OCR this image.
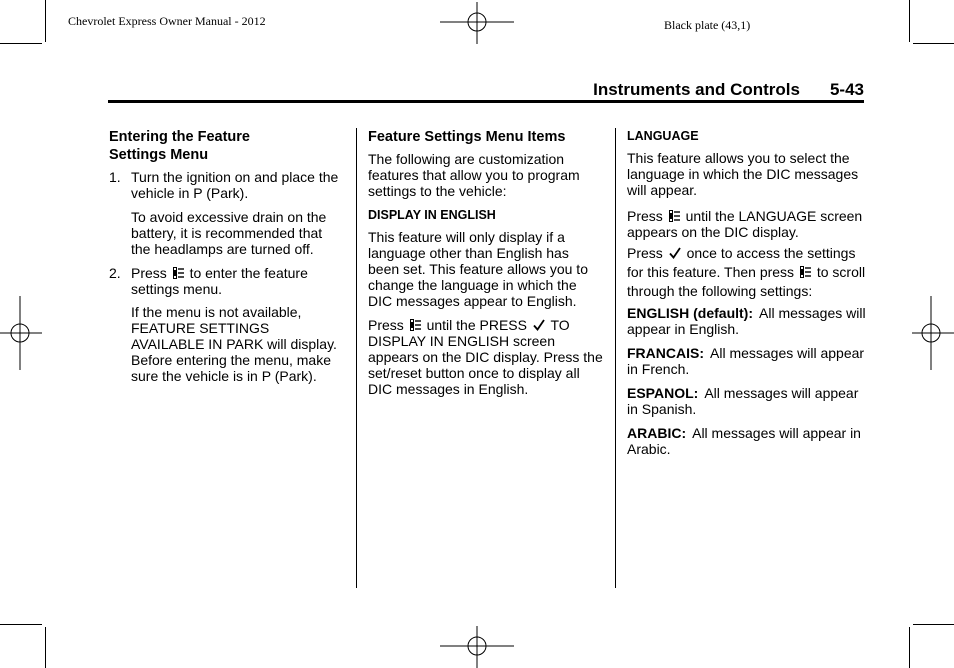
Chevrolet Express Owner Manual - 2012	Black plate (43,1)
Instruments and Controls 5-43
Entering the Feature
Settings Menu
1. Turn the ignition on and place the vehicle in P (Park).

To avoid excessive drain on the battery, it is recommended that the headlamps are turned off.

2. Press to enter the feature settings menu.

If the menu is not available, FEATURE SETTINGS AVAILABLE IN PARK will display. Before entering the menu, make sure the vehicle is in P (Park).

Feature Settings Menu Items

The following are customization features that allow you to program settings to the vehicle:

DISPLAY IN ENGLISH

This feature will only display if a language other than English has been set. This feature allows you to change the language in which the DIC messages appear to English.

Press until the PRESS TO DISPLAY IN ENGLISH screen appears on the DIC display. Press the set/reset button once to display all DIC messages in English.

LANGUAGE

This feature allows you to select the language in which the DIC messages will appear.

Press until the LANGUAGE screen appears on the DIC display.

Press once to access the settings for this feature. Then press to scroll through the following settings:

ENGLISH (default): All messages will appear in English.

FRANCAIS: All messages will appear in French.

ESPANOL: All messages will appear in Spanish.

ARABIC: All messages will appear in Arabic.
